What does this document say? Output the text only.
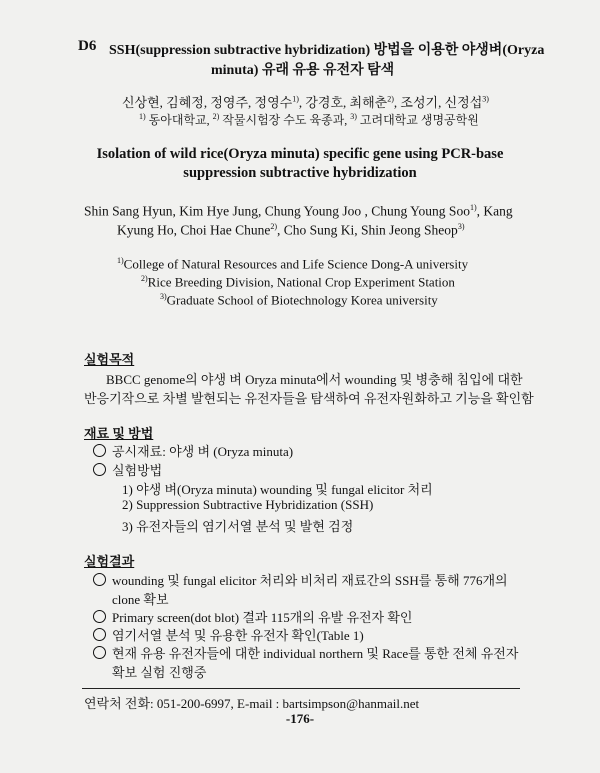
D6 SSH(suppression subtractive hybridization) 방법을 이용한 야생벼(Oryza
minuta) 유래 유용 유전자 탐색
신상현, 김혜정, 정영주, 정영수$^{1)}$, 강경호, 최해춘$^{2)}$, 조성기, 신정섭$^{3)}$
$^{1)}$ 동아대학교, $^{2)}$ 작물시험장 수도 육종과, $^{3)}$ 고려대학교 생명공학원
Isolation of wild rice(Oryza minuta) specific gene using PCR-base
suppression subtractive hybridization
Shin Sang Hyun, Kim Hye Jung, Chung Young Joo , Chung Young Soo$^{1)}$, Kang
Kyung Ho, Choi Hae Chune$^{2)}$, Cho Sung Ki, Shin Jeong Sheop$^{3)}$
$^{1)}$College of Natural Resources and Life Science Dong-A university
$^{2)}$Rice Breeding Division, National Crop Experiment Station
$^{3)}$Graduate School of Biotechnology Korea university
실험목적
BBCC genome의 야생 벼 Oryza minuta에서 wounding 및 병충해 침입에 대한
반응기작으로 차별 발현되는 유전자들을 탐색하여 유전자원화하고 기능을 확인함
재료 및 방법
공시재료: 야생 벼 (Oryza minuta)
실험방법
1) 야생 벼(Oryza minuta) wounding 및 fungal elicitor 처리
2) Suppression Subtractive Hybridization (SSH)
3) 유전자들의 염기서열 분석 및 발현 검정
실험결과
wounding 및 fungal elicitor 처리와 비처리 재료간의 SSH를 통해 776개의
clone 확보
Primary screen(dot blot) 결과 115개의 유발 유전자 확인
염기서열 분석 및 유용한 유전자 확인(Table 1)
현재 유용 유전자들에 대한 individual northern 및 Race를 통한 전체 유전자
확보 실험 진행중
연락처 전화: 051-200-6997, E-mail : bartsimpson@hanmail.net
-176-
